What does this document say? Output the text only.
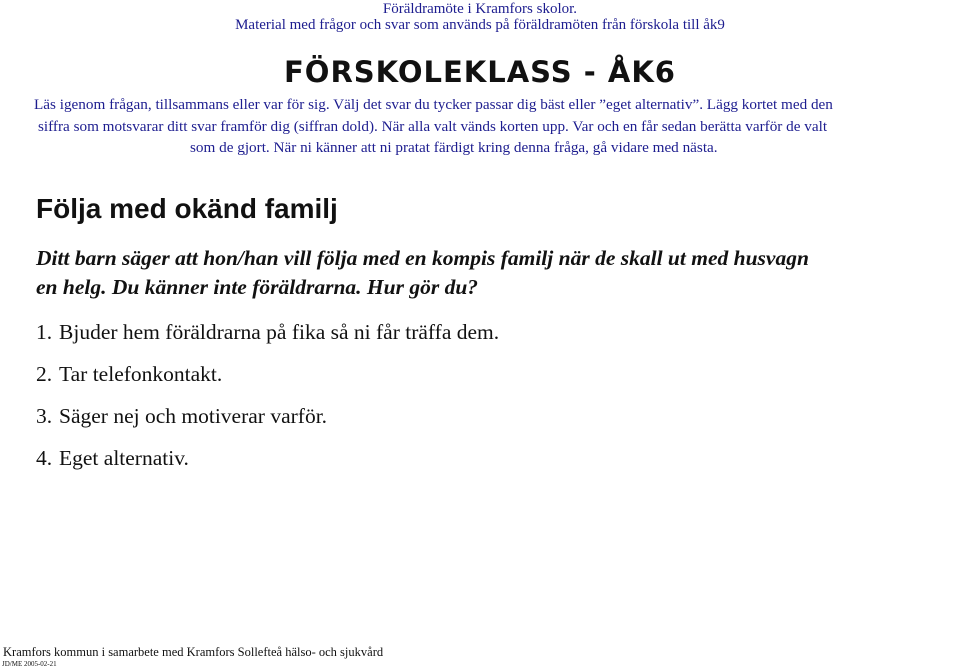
Föräldramöte i Kramfors skolor.
Material med frågor och svar som används på föräldramöten från förskola till åk9
FÖRSKOLEKLASS - ÅK6
Läs igenom frågan, tillsammans eller var för sig. Välj det svar du tycker passar dig bäst eller ”eget alternativ”. Lägg kortet med den
siffra som motsvarar ditt svar framför dig (siffran dold). När alla valt vänds korten upp. Var och en får sedan berätta varför de valt
som de gjort. När ni känner att ni pratat färdigt kring denna fråga, gå vidare med nästa.
Följa med okänd familj
Ditt barn säger att hon/han vill följa med en kompis familj när de skall ut med husvagn
en helg. Du känner inte föräldrarna. Hur gör du?
1. Bjuder hem föräldrarna på fika så ni får träffa dem.
2. Tar telefonkontakt.
3. Säger nej och motiverar varför.
4. Eget alternativ.
Kramfors kommun i samarbete med Kramfors Sollefteå hälso- och sjukvård
JD/ME 2005-02-21
